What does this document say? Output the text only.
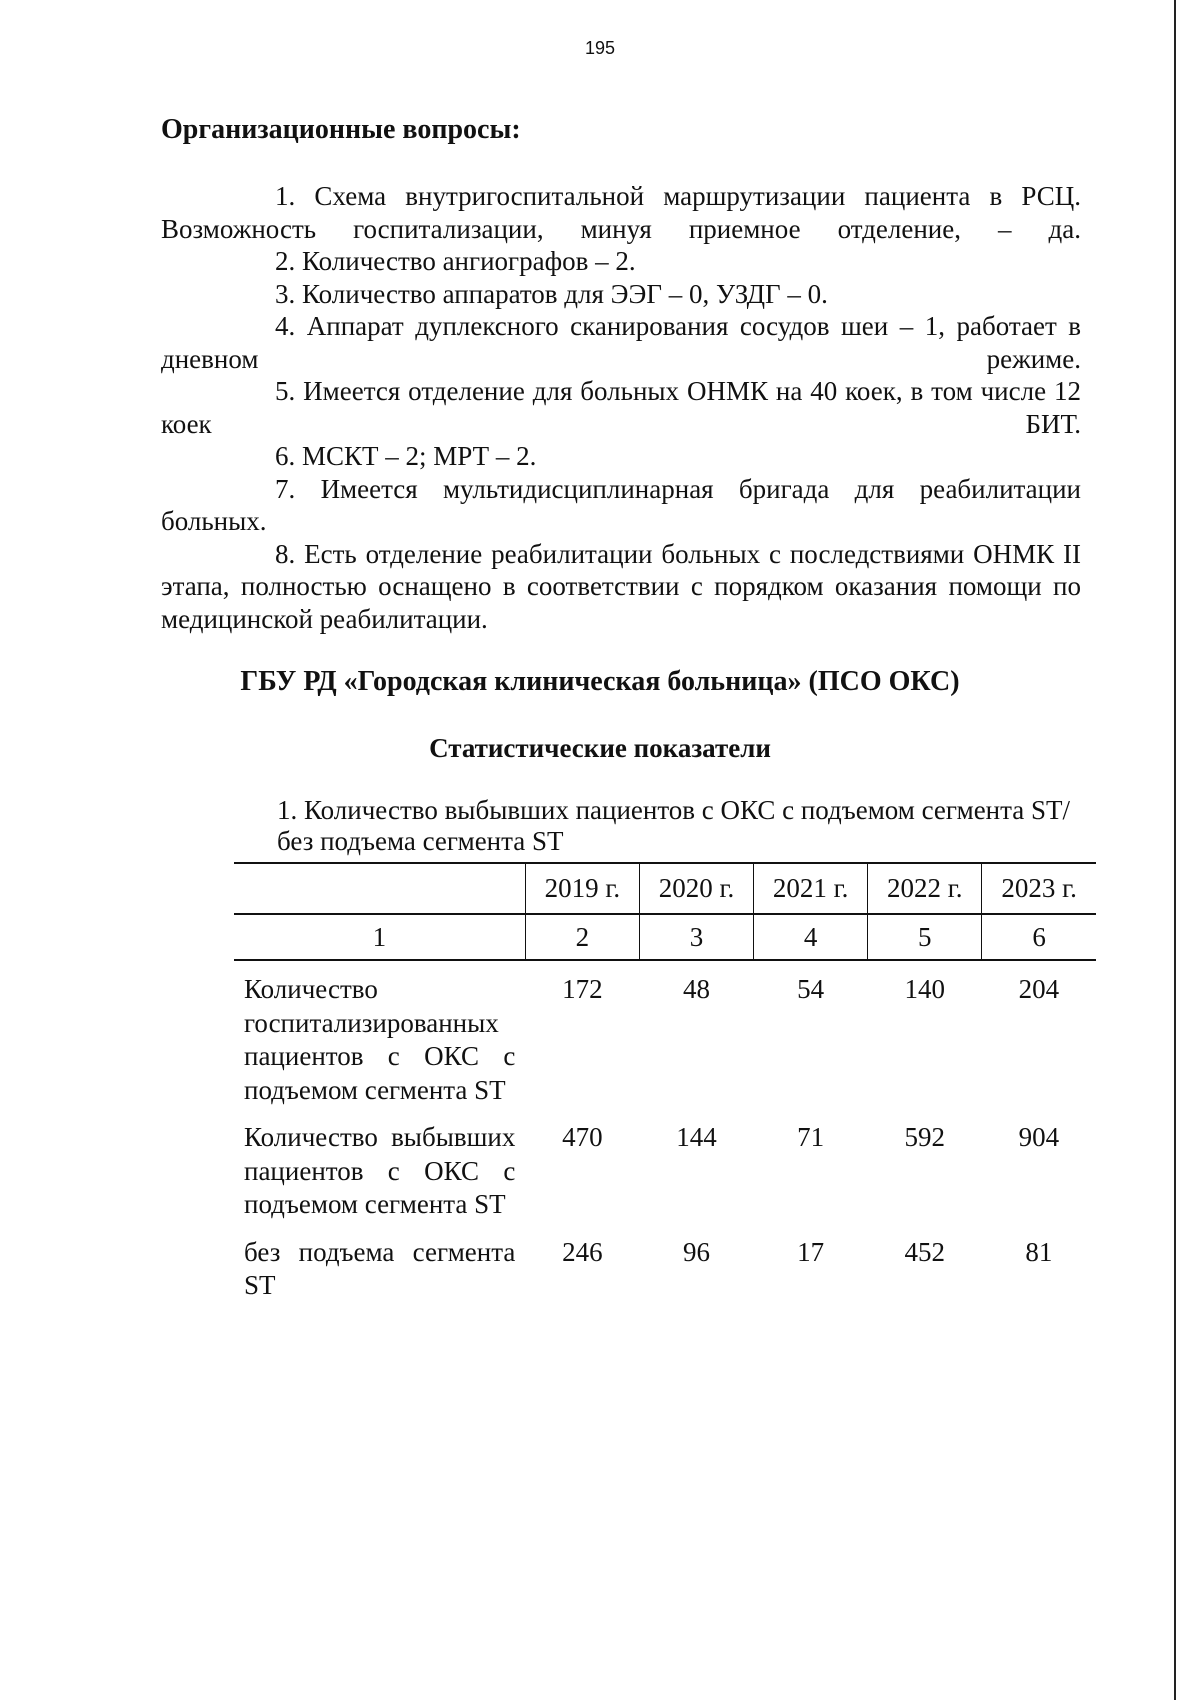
195
Организационные вопросы:
1. Схема внутригоспитальной маршрутизации пациента в РСЦ. Возможность госпитализации, минуя приемное отделение, – да.
2. Количество ангиографов – 2.
3. Количество аппаратов для ЭЭГ – 0, УЗДГ – 0.
4. Аппарат дуплексного сканирования сосудов шеи – 1, работает в дневном режиме.
5. Имеется отделение для больных ОНМК на 40 коек, в том числе 12 коек БИТ.
6. МСКТ – 2; МРТ – 2.
7. Имеется мультидисциплинарная бригада для реабилитации больных.
8. Есть отделение реабилитации больных с последствиями ОНМК II этапа, полностью оснащено в соответствии с порядком оказания помощи по медицинской реабилитации.
ГБУ РД «Городская клиническая больница» (ПСО ОКС)
Статистические показатели
1. Количество выбывших пациентов с ОКС с подъемом сегмента ST/без подъема сегмента ST
	2019 г.	2020 г.	2021 г.	2022 г.	2023 г.
1	2	3	4	5	6
Количество госпитализированных пациентов с ОКС с подъемом сегмента ST	172	48	54	140	204
Количество выбывших пациентов с ОКС с подъемом сегмента ST	470	144	71	592	904
без подъема сегмента ST	246	96	17	452	81
